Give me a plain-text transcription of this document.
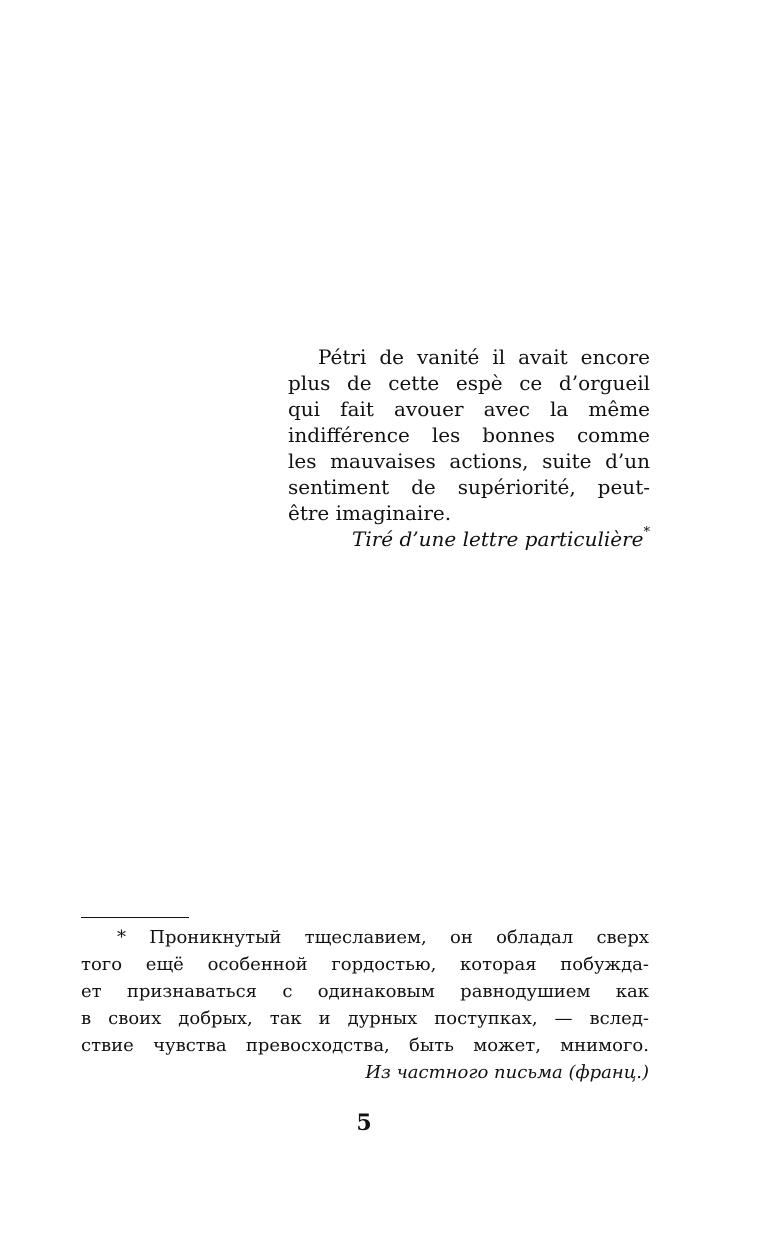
Pétri de vanité il avait encore
plus de cette espè ce d’orgueil
qui fait avouer avec la même
indifférence les bonnes comme
les mauvaises actions, suite d’un
sentiment de supériorité, peut-
être imaginaire.
Tiré d’une lettre particulière*
* Проникнутый тщеславием, он обладал сверх
того ещё особенной гордостью, которая побуждa-
ет признаваться с одинаковым равнодушием как
в своих добрых, так и дурных поступках, — вслед-
ствие чувства превосходства, быть может, мнимого.
Из частного письма (франц.)
5
